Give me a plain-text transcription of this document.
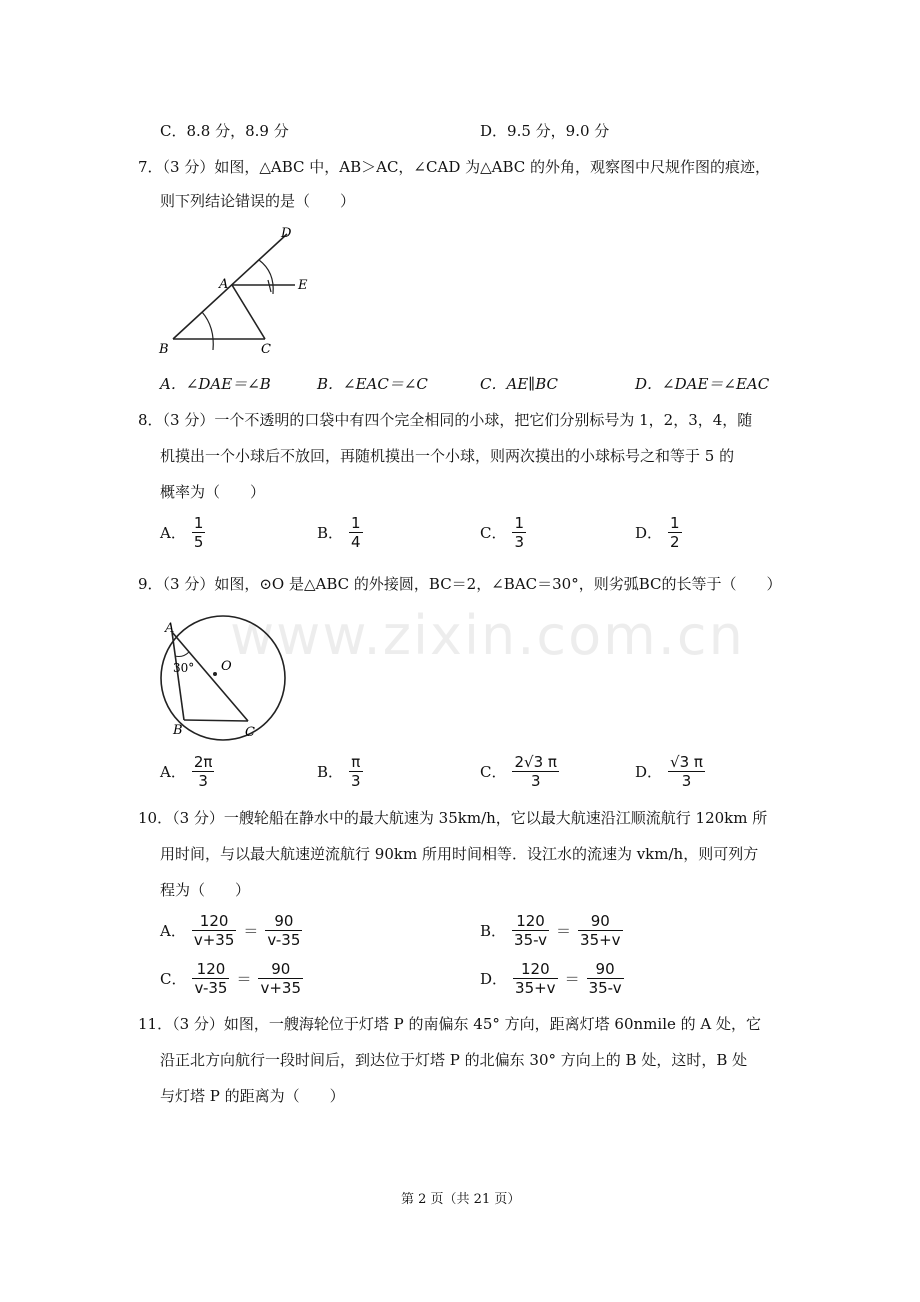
www.zixin.com.cn
C．8.8 分，8.9 分	D．9.5 分，9.0 分
7．（3 分）如图，△ABC 中，AB＞AC，∠CAD 为△ABC 的外角，观察图中尺规作图的痕迹，
则下列结论错误的是（　　）
D
A	E
B	C
A．∠DAE＝∠B	B．∠EAC＝∠C	C．AE∥BC	D．∠DAE＝∠EAC
8．（3 分）一个不透明的口袋中有四个完全相同的小球，把它们分别标号为 1，2，3，4，随
机摸出一个小球后不放回，再随机摸出一个小球，则两次摸出的小球标号之和等于 5 的
概率为（　　）
A． $\frac{1}{5}$	B． $\frac{1}{4}$	C． $\frac{1}{3}$	D． $\frac{1}{2}$
9．（3 分）如图，⊙O 是△ABC 的外接圆，BC＝2，∠BAC＝30°，则劣弧BC的长等于（　　）
A
30° O
B	C
A． $\frac{2\pi}{3}$	B． $\frac{\pi}{3}$	C． $\frac{2√3 \pi}{3}$	D． $\frac{√3 \pi}{3}$
10．（3 分）一艘轮船在静水中的最大航速为 35km/h，它以最大航速沿江顺流航行 120km 所
用时间，与以最大航速逆流航行 90km 所用时间相等．设江水的流速为 vkm/h，则可列方
程为（　　）
A． $\frac{120}{v+35} = \frac{90}{v-35}$	B． $\frac{120}{35-v} = \frac{90}{35+v}$
C． $\frac{120}{v-35} = \frac{90}{v+35}$	D． $\frac{120}{35+v} = \frac{90}{35-v}$
11．（3 分）如图，一艘海轮位于灯塔 P 的南偏东 45° 方向，距离灯塔 60nmile 的 A 处，它
沿正北方向航行一段时间后，到达位于灯塔 P 的北偏东 30° 方向上的 B 处，这时，B 处
与灯塔 P 的距离为（　　）
第 2 页（共 21 页）
